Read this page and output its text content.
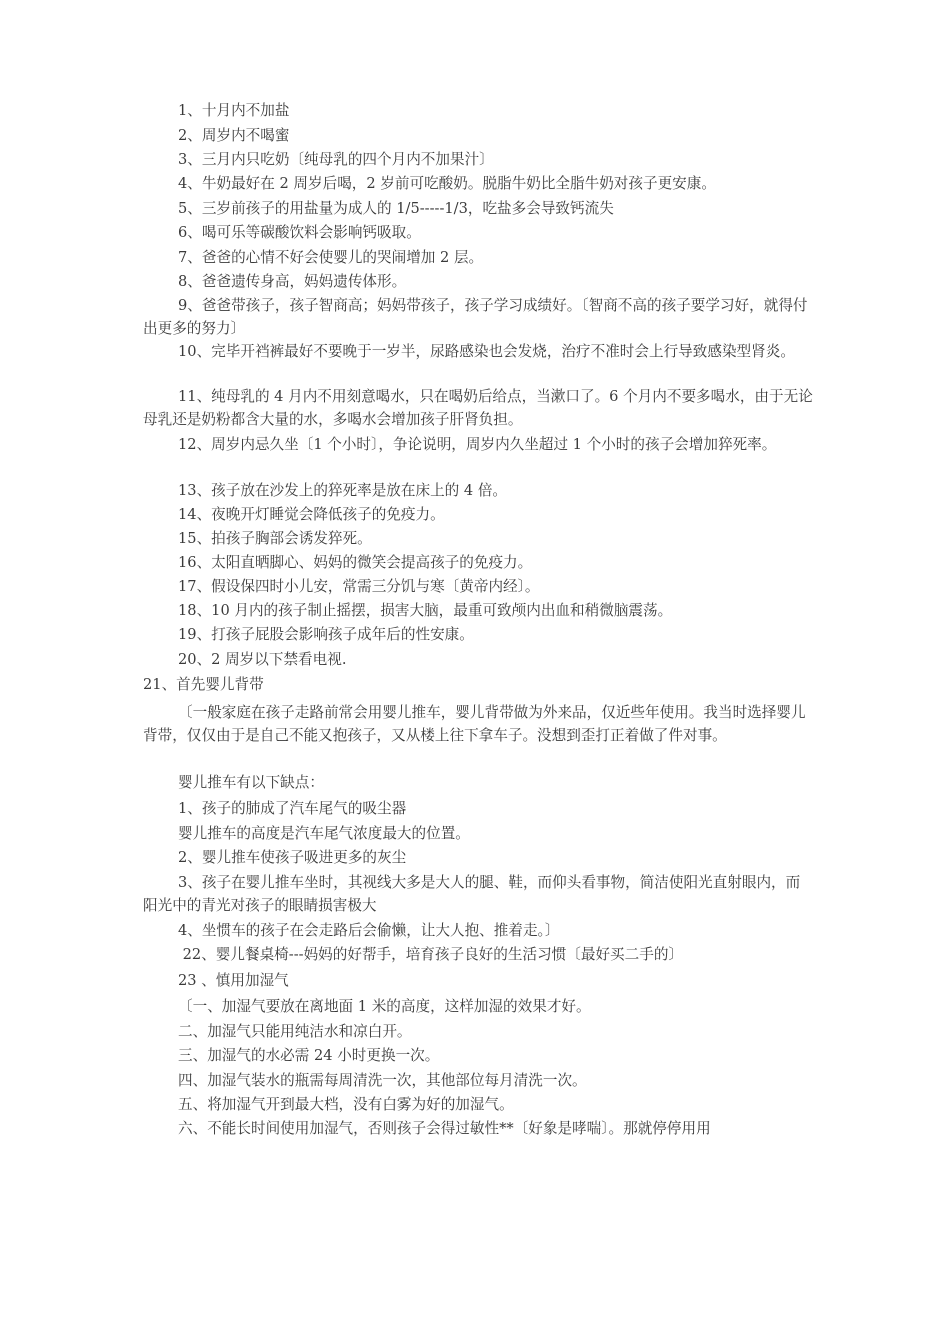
1、十月内不加盐

2、周岁内不喝蜜

3、三月内只吃奶〔纯母乳的四个月内不加果汁〕

4、牛奶最好在 2 周岁后喝，2 岁前可吃酸奶。脱脂牛奶比全脂牛奶对孩子更安康。

5、三岁前孩子的用盐量为成人的 1/5-----1/3，吃盐多会导致钙流失

6、喝可乐等碳酸饮料会影响钙吸取。

7、爸爸的心情不好会使婴儿的哭闹增加 2 层。

8、爸爸遗传身高，妈妈遗传体形。

9、爸爸带孩子，孩子智商高；妈妈带孩子，孩子学习成绩好。〔智商不高的孩子要学习好，就得付出更多的努力〕

10、完毕开裆裤最好不要晚于一岁半，尿路感染也会发烧，治疗不准时会上行导致感染型肾炎。

11、纯母乳的 4 月内不用刻意喝水，只在喝奶后给点，当漱口了。6 个月内不要多喝水，由于无论母乳还是奶粉都含大量的水，多喝水会增加孩子肝肾负担。

12、周岁内忌久坐〔1 个小时〕，争论说明，周岁内久坐超过 1 个小时的孩子会增加猝死率。

13、孩子放在沙发上的猝死率是放在床上的 4 倍。

14、夜晚开灯睡觉会降低孩子的免疫力。

15、拍孩子胸部会诱发猝死。

16、太阳直晒脚心、妈妈的微笑会提高孩子的免疫力。

17、假设保四时小儿安，常需三分饥与寒〔黄帝内经〕。

18、10 月内的孩子制止摇摆，损害大脑，最重可致颅内出血和稍微脑震荡。

19、打孩子屁股会影响孩子成年后的性安康。

20、2 周岁以下禁看电视.

21、首先婴儿背带

〔一般家庭在孩子走路前常会用婴儿推车，婴儿背带做为外来品，仅近些年使用。我当时选择婴儿背带，仅仅由于是自己不能又抱孩子，又从楼上往下拿车子。没想到歪打正着做了件对事。

婴儿推车有以下缺点：

1、孩子的肺成了汽车尾气的吸尘器

婴儿推车的高度是汽车尾气浓度最大的位置。

2、婴儿推车使孩子吸进更多的灰尘

3、孩子在婴儿推车坐时，其视线大多是大人的腿、鞋，而仰头看事物，简洁使阳光直射眼内，而阳光中的青光对孩子的眼睛损害极大

4、坐惯车的孩子在会走路后会偷懒，让大人抱、推着走。〕

22、婴儿餐桌椅---妈妈的好帮手，培育孩子良好的生活习惯〔最好买二手的〕

23 、慎用加湿气

〔一、加湿气要放在离地面 1 米的高度，这样加湿的效果才好。

二、加湿气只能用纯洁水和凉白开。

三、加湿气的水必需 24 小时更换一次。

四、加湿气装水的瓶需每周清洗一次，其他部位每月清洗一次。

五、将加湿气开到最大档，没有白雾为好的加湿气。

六、不能长时间使用加湿气，否则孩子会得过敏性**〔好象是哮喘〕。那就停停用用
